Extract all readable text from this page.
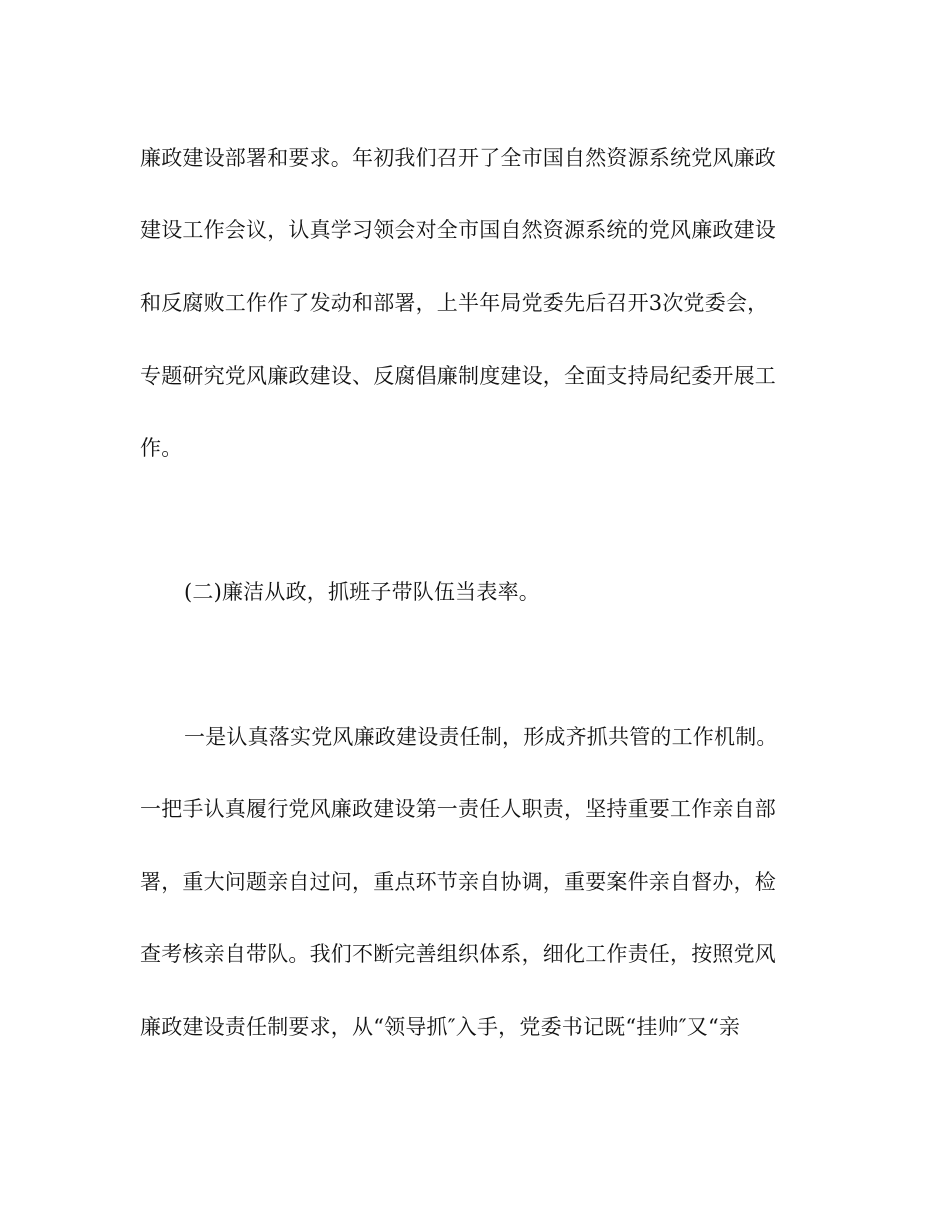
廉政建设部署和要求。年初我们召开了全市国自然资源系统党风廉政
建设工作会议，认真学习领会对全市国自然资源系统的党风廉政建设
和反腐败工作作了发动和部署，上半年局党委先后召开3次党委会，
专题研究党风廉政建设、反腐倡廉制度建设，全面支持局纪委开展工
作。
(二)廉洁从政，抓班子带队伍当表率。
一是认真落实党风廉政建设责任制，形成齐抓共管的工作机制。
一把手认真履行党风廉政建设第一责任人职责，坚持重要工作亲自部
署，重大问题亲自过问，重点环节亲自协调，重要案件亲自督办，检
查考核亲自带队。我们不断完善组织体系，细化工作责任，按照党风
廉政建设责任制要求，从“领导抓″入手，党委书记既“挂帅″又“亲
